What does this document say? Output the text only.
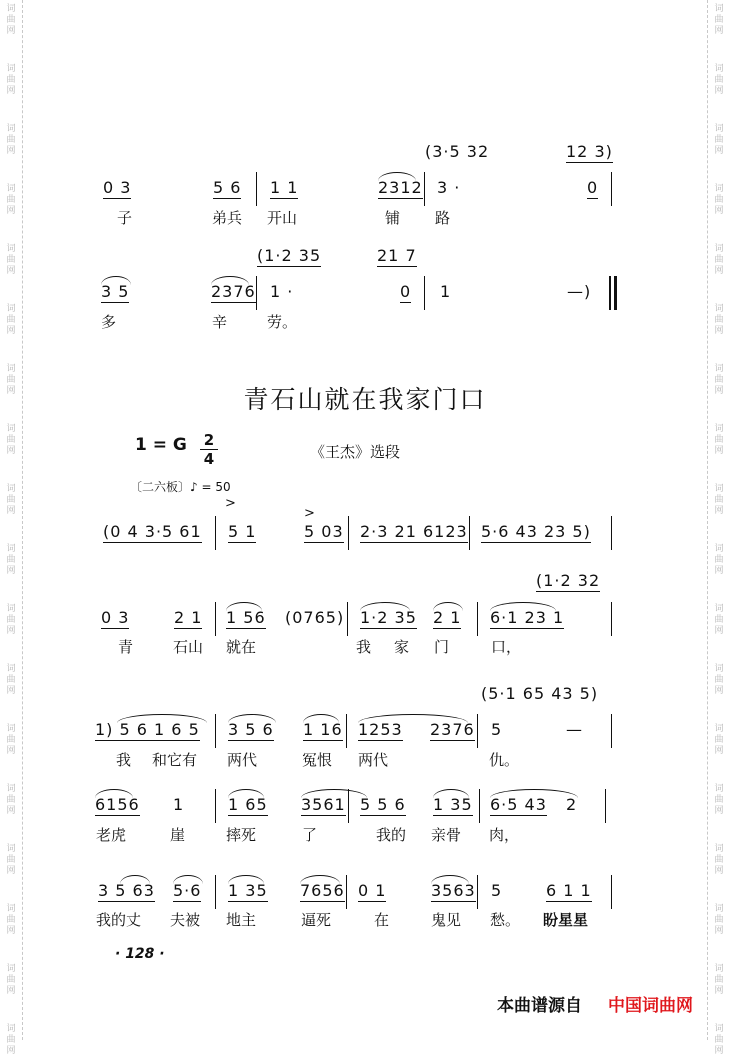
词
曲
网
词
曲
网
词
曲
网
词
曲
网
词
曲
网
词
曲
网
词
曲
网
词
曲
网
词
曲
网
词
曲
网
词
曲
网
词
曲
网
词
曲
网
词
曲
网
词
曲
网
词
曲
网
词
曲
网
词
曲
网
词
曲
网
词
曲
网
词
曲
网
词
曲
网
词
曲
网
词
曲
网
词
曲
网
词
曲
网
词
曲
网
词
曲
网
词
曲
网
词
曲
网
词
曲
网
词
曲
网
词
曲
网
词
曲
网
词
曲
网
词
曲
网
(3·5 32	12 3)
0 3	5 6 1 1	2312 3 ·	0
子	弟兵 开山	铺 路
(1·2 35	21 7
3 5	2376 1 ·	0 1	—)
多	辛	劳。
青石山就在我家门口
1 = G $\frac{2}{4}$	《王杰》选段
〔二六板〕♪ = 50
>
>
(0 4 3·5 61 5 1	5 03 2·3 21 6123 5·6 43 23 5)
(1·2 32
0 3	2 1 1 56 (0765) 1·2 35 2 1 6·1 23 1
青	石山 就在	我 家 门	口，
(5·1 65 43 5)
1) 5 6 1 6 5 3 5 6 1 16 1253 2376 5	—
我 和它有 两代	冤恨 两代	仇。
6156 1	1 65 3561 5 5 6 1 35 6·5 43 2
老虎	崖	摔死	了	我的 亲骨 肉，
3 5 63 5·6 1 35 7656 0 1	3563 5	6 1 1
我的丈 夫被 地主	逼死	在	鬼见 愁。 盼星星
· 128 ·
本曲谱源自 中国词曲网
